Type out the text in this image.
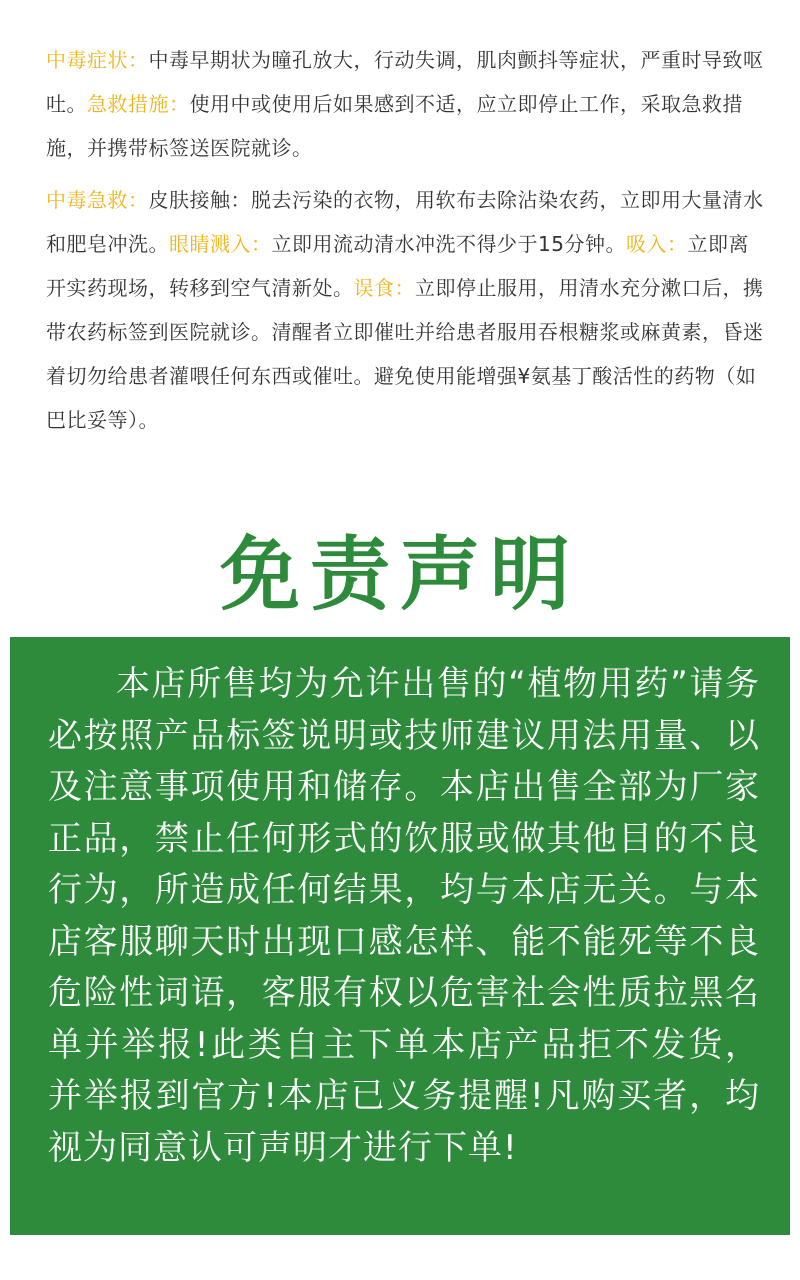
中毒症状：中毒早期状为瞳孔放大，行动失调，肌肉颤抖等症状，严重时导致呕吐。急救措施：使用中或使用后如果感到不适，应立即停止工作，采取急救措施，并携带标签送医院就诊。

中毒急救：皮肤接触：脱去污染的衣物，用软布去除沾染农药，立即用大量清水和肥皂冲洗。眼睛溅入：立即用流动清水冲洗不得少于15分钟。吸入：立即离开实药现场，转移到空气清新处。误食：立即停止服用，用清水充分漱口后，携带农药标签到医院就诊。清醒者立即催吐并给患者服用吞根糖浆或麻黄素，昏迷着切勿给患者灌喂任何东西或催吐。避免使用能增强¥氨基丁酸活性的药物（如巴比妥等）。

免责声明

本店所售均为允许出售的“植物用药”请务必按照产品标签说明或技师建议用法用量、以及注意事项使用和储存。本店出售全部为厂家正品，禁止任何形式的饮服或做其他目的不良行为，所造成任何结果，均与本店无关。与本店客服聊天时出现口感怎样、能不能死等不良危险性词语，客服有权以危害社会性质拉黑名单并举报!此类自主下单本店产品拒不发货，并举报到官方!本店已义务提醒!凡购买者，均视为同意认可声明才进行下单!
